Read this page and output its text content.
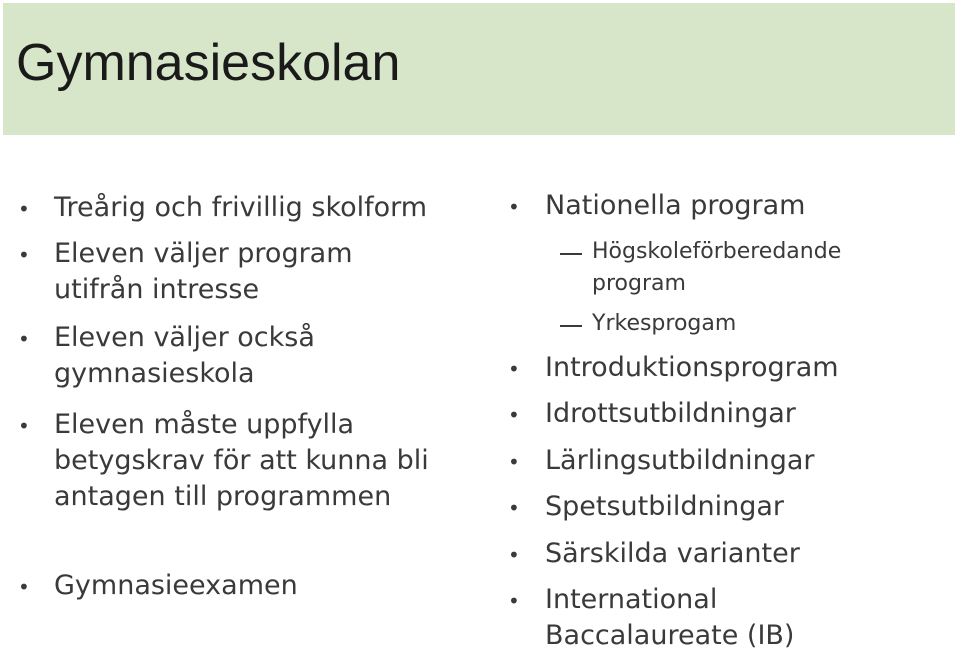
Gymnasieskolan
• Treårig och frivillig skolform
• Eleven väljer program utifrån intresse
• Eleven väljer också gymnasieskola
• Eleven måste uppfylla betygskrav för att kunna bli antagen till programmen
• Gymnasieexamen
• Nationella program
Högskoleförberedande program
Yrkesprogam
• Introduktionsprogram
• Idrottsutbildningar
• Lärlingsutbildningar
• Spetsutbildningar
• Särskilda varianter
• International Baccalaureate (IB)
